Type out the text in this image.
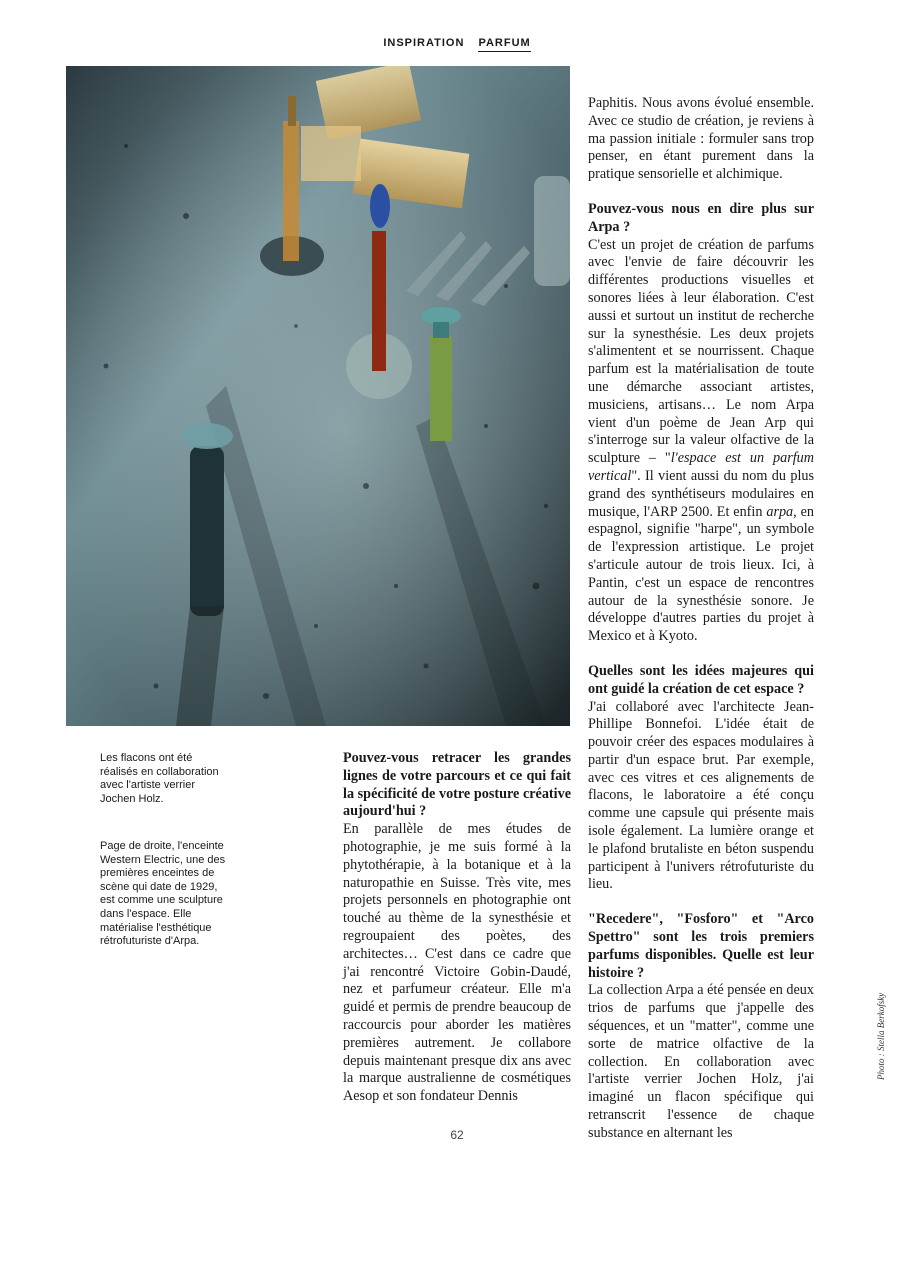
INSPIRATION PARFUM
Les flacons ont été réalisés en collaboration avec l'artiste verrier Jochen Holz.
Page de droite, l'enceinte Western Electric, une des premières enceintes de scène qui date de 1929, est comme une sculpture dans l'espace. Elle matérialise l'esthétique rétrofuturiste d'Arpa.
Pouvez-vous retracer les grandes lignes de votre parcours et ce qui fait la spécificité de votre posture créative aujourd'hui ?

En parallèle de mes études de photographie, je me suis formé à la phytothérapie, à la botanique et à la naturopathie en Suisse. Très vite, mes projets personnels en photographie ont touché au thème de la synesthésie et regroupaient des poètes, des architectes… C'est dans ce cadre que j'ai rencontré Victoire Gobin-Daudé, nez et parfumeur créateur. Elle m'a guidé et permis de prendre beaucoup de raccourcis pour aborder les matières premières autrement. Je collabore depuis maintenant presque dix ans avec la marque australienne de cosmétiques Aesop et son fondateur Dennis

Paphitis. Nous avons évolué ensemble. Avec ce studio de création, je reviens à ma passion initiale : formuler sans trop penser, en étant purement dans la pratique sensorielle et alchimique.

Pouvez-vous nous en dire plus sur Arpa ?

C'est un projet de création de parfums avec l'envie de faire découvrir les différentes productions visuelles et sonores liées à leur élaboration. C'est aussi et surtout un institut de recherche sur la synesthésie. Les deux projets s'alimentent et se nourrissent. Chaque parfum est la matérialisation de toute une démarche associant artistes, musiciens, artisans… Le nom Arpa vient d'un poème de Jean Arp qui s'interroge sur la valeur olfactive de la sculpture – "l'espace est un parfum vertical". Il vient aussi du nom du plus grand des synthétiseurs modulaires en musique, l'ARP 2500. Et enfin arpa, en espagnol, signifie "harpe", un symbole de l'expression artistique. Le projet s'articule autour de trois lieux. Ici, à Pantin, c'est un espace de rencontres autour de la synesthésie sonore. Je développe d'autres parties du projet à Mexico et à Kyoto.

Quelles sont les idées majeures qui ont guidé la création de cet espace ?

J'ai collaboré avec l'architecte Jean-Phillipe Bonnefoi. L'idée était de pouvoir créer des espaces modulaires à partir d'un espace brut. Par exemple, avec ces vitres et ces alignements de flacons, le laboratoire a été conçu comme une capsule qui présente mais isole également. La lumière orange et le plafond brutaliste en béton suspendu participent à l'univers rétrofuturiste du lieu.

"Recedere", "Fosforo" et "Arco Spettro" sont les trois premiers parfums disponibles. Quelle est leur histoire ?

La collection Arpa a été pensée en deux trios de parfums que j'appelle des séquences, et un "matter", comme une sorte de matrice olfactive de la collection. En collaboration avec l'artiste verrier Jochen Holz, j'ai imaginé un flacon spécifique qui retranscrit l'essence de chaque substance en alternant les

Photo : Stella Berkofsky
62
